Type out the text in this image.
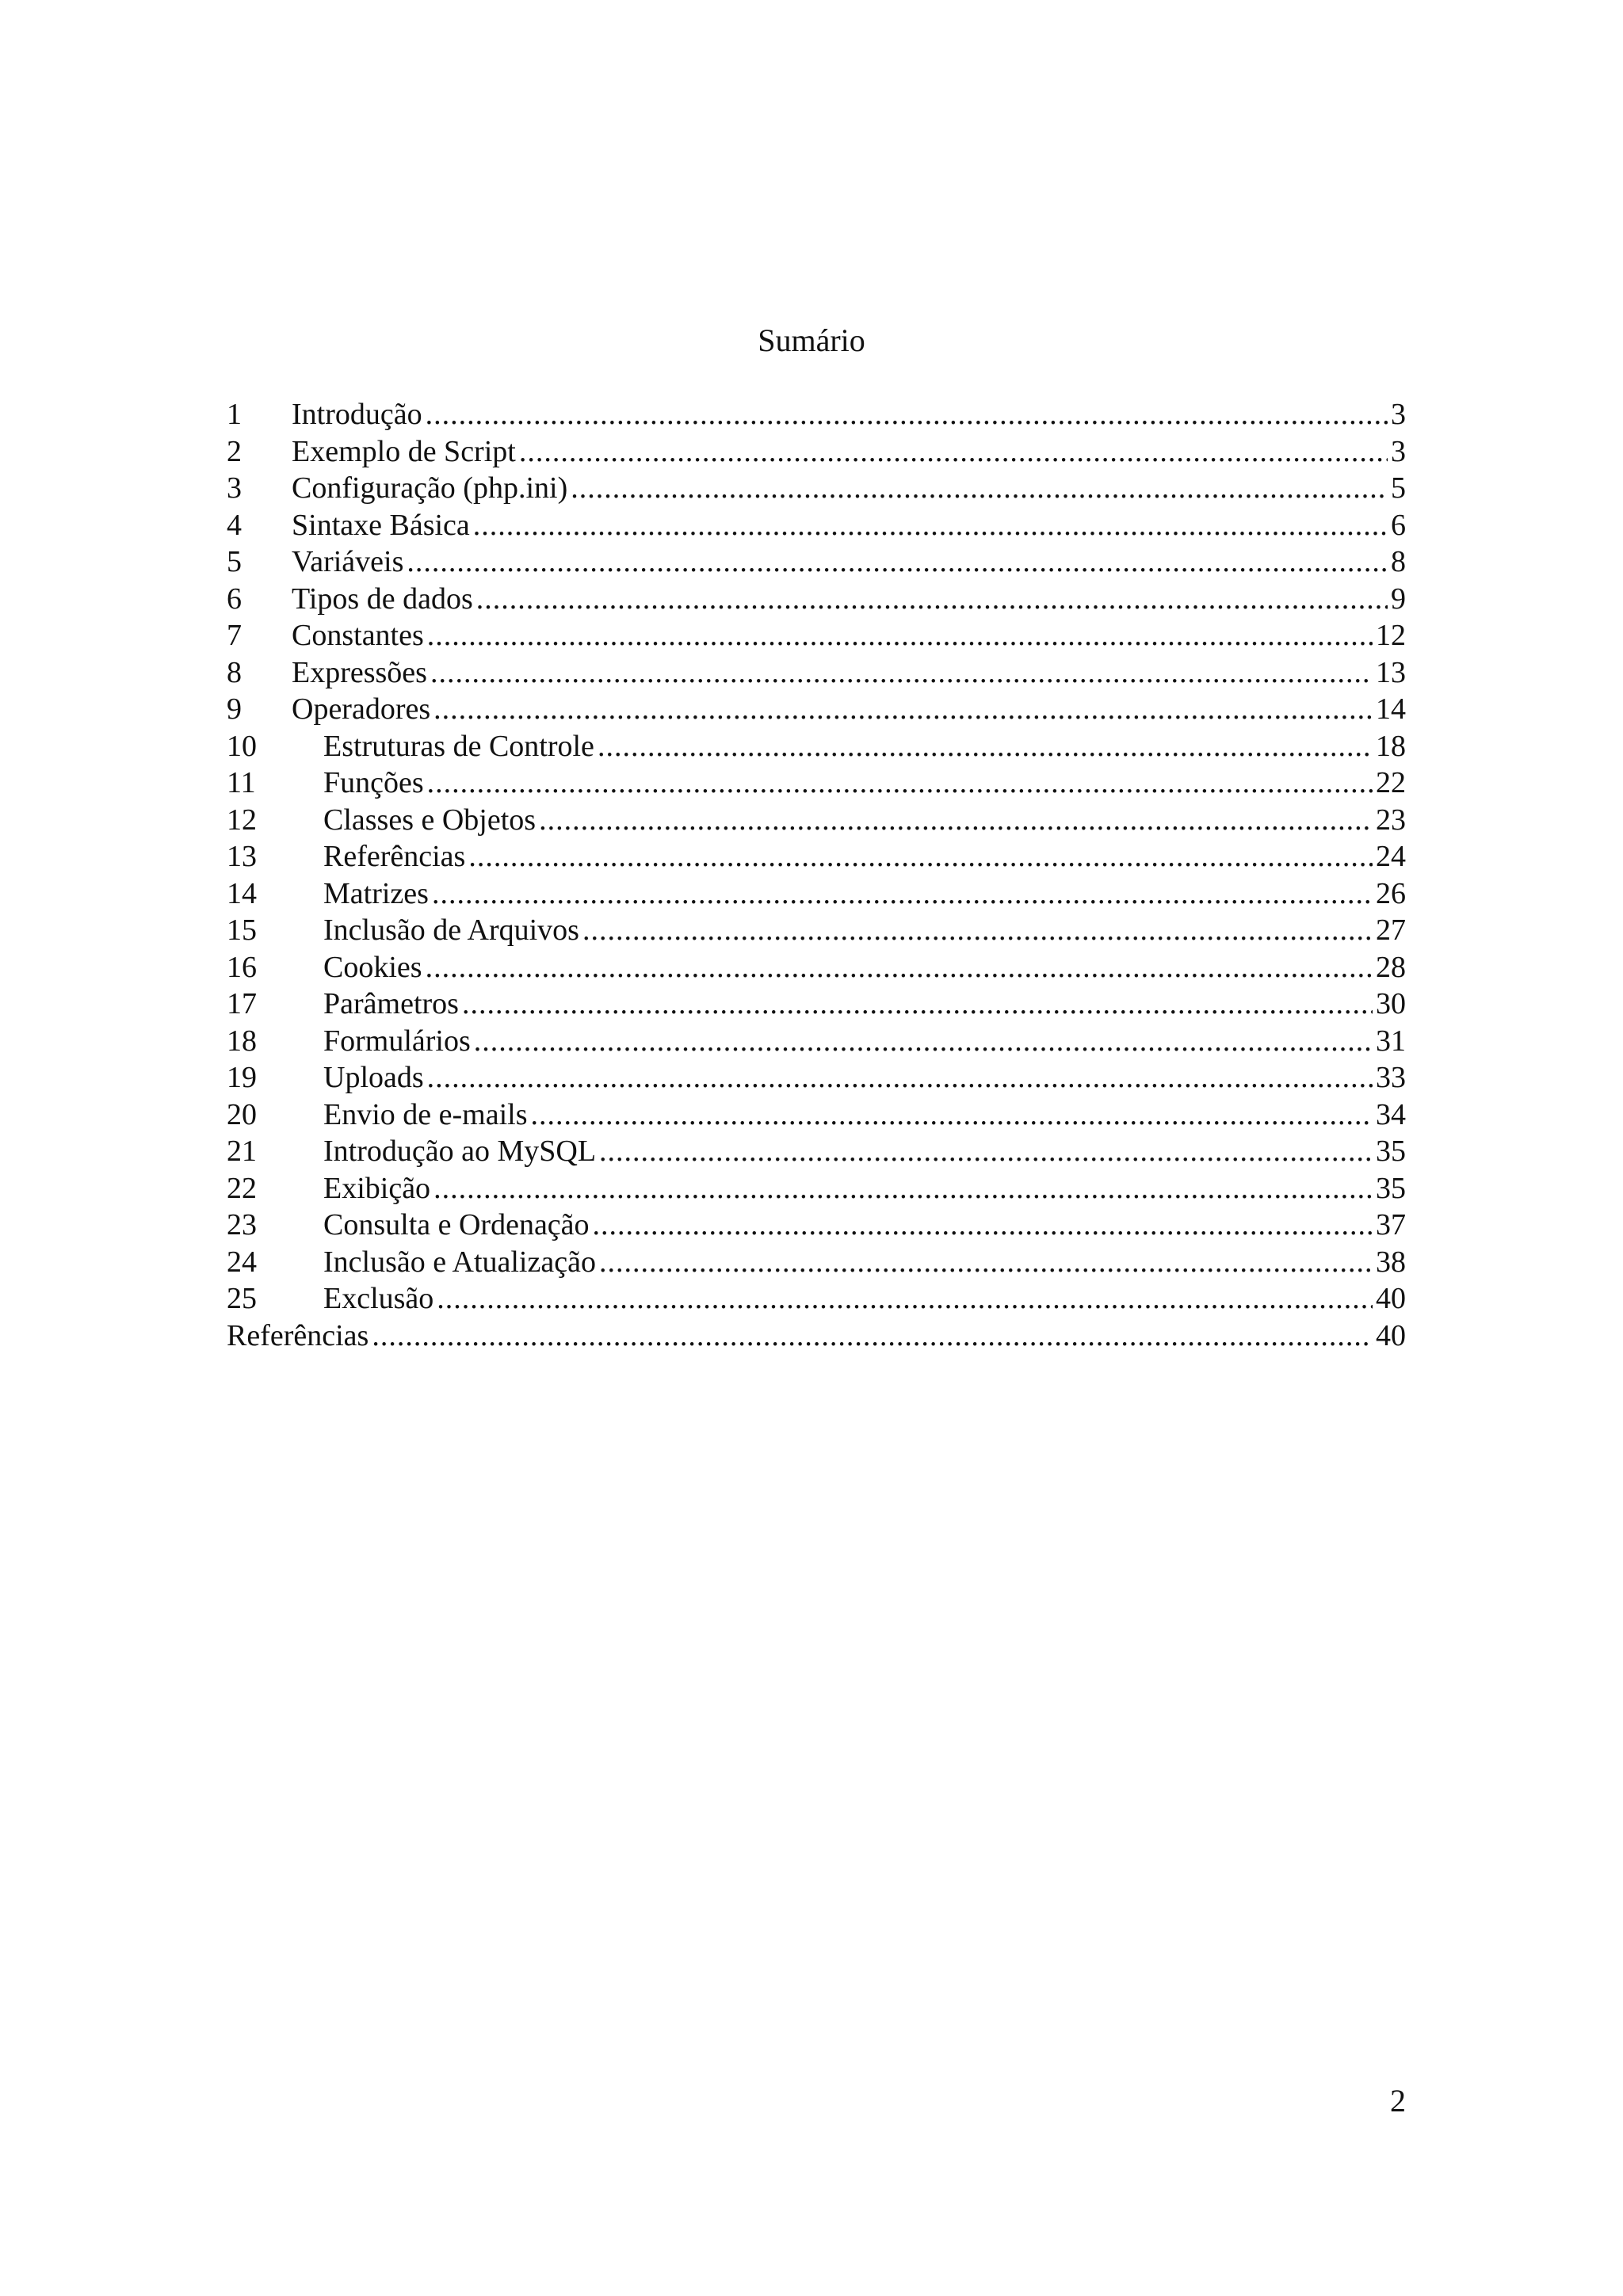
Sumário
1	Introdução .....	3
2	Exemplo de Script .....	3
3	Configuração (php.ini) .....	5
4	Sintaxe Básica .....	6
5	Variáveis .....	8
6	Tipos de dados .....	9
7	Constantes .....	12
8	Expressões .....	13
9	Operadores .....	14
10	Estruturas de Controle .....	18
11	Funções .....	22
12	Classes e Objetos .....	23
13	Referências .....	24
14	Matrizes .....	26
15	Inclusão de Arquivos .....	27
16	Cookies .....	28
17	Parâmetros .....	30
18	Formulários .....	31
19	Uploads .....	33
20	Envio de e-mails .....	34
21	Introdução ao MySQL .....	35
22	Exibição .....	35
23	Consulta e Ordenação .....	37
24	Inclusão e Atualização .....	38
25	Exclusão .....	40
Referências .....	40
2
